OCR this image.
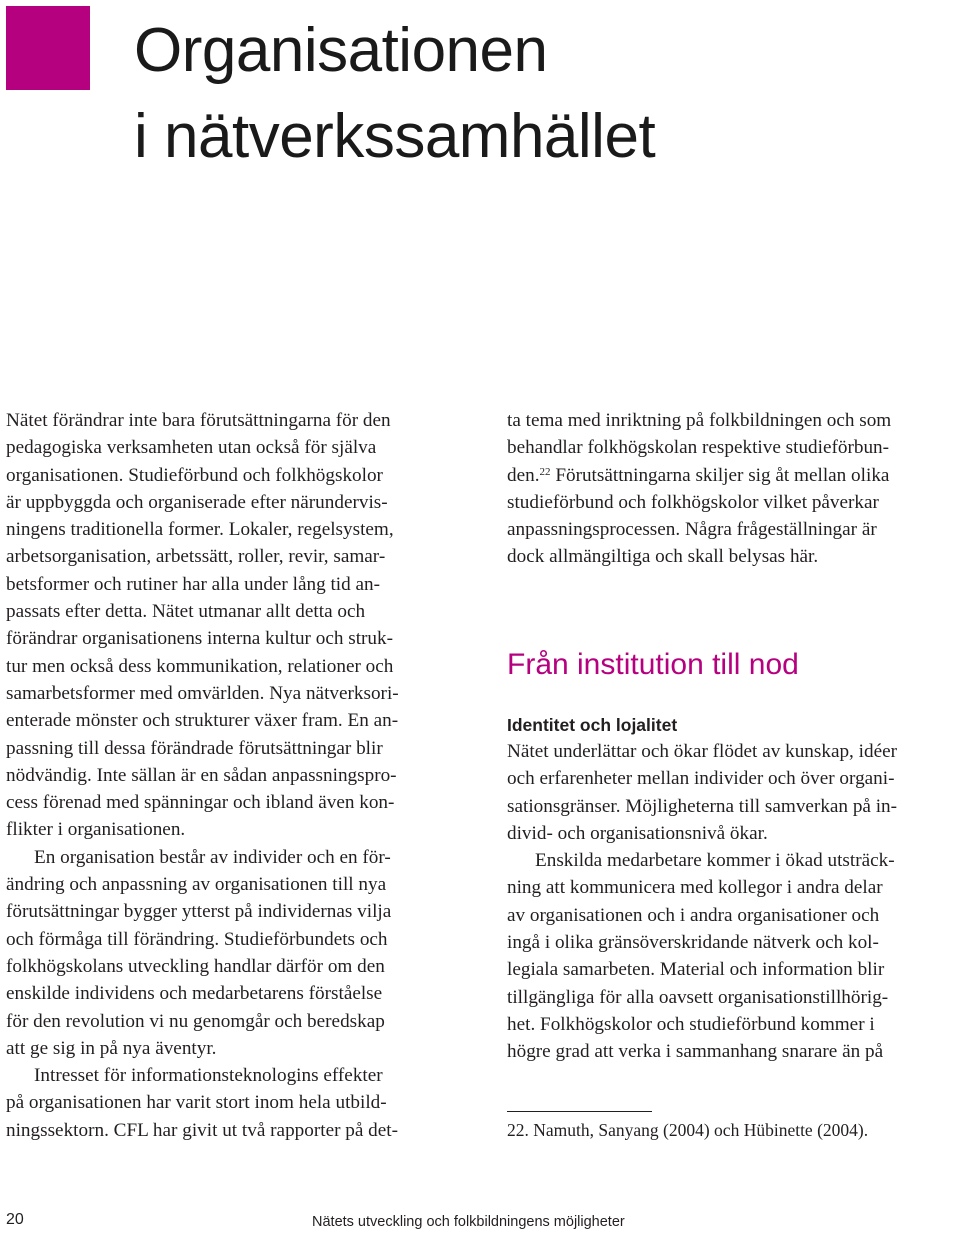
Organisationen
i nätverkssamhället

Nätet förändrar inte bara förutsättningarna för den
pedagogiska verksamheten utan också för själva
organisationen. Studieförbund och folkhögskolor
är uppbyggda och organiserade efter närundervis-
ningens traditionella former. Lokaler, regelsystem,
arbetsorganisation, arbetssätt, roller, revir, samar-
betsformer och rutiner har alla under lång tid an-
passats efter detta. Nätet utmanar allt detta och
förändrar organisationens interna kultur och struk-
tur men också dess kommunikation, relationer och
samarbetsformer med omvärlden. Nya nätverksori-
enterade mönster och strukturer växer fram. En an-
passning till dessa förändrade förutsättningar blir
nödvändig. Inte sällan är en sådan anpassningspro-
cess förenad med spänningar och ibland även kon-
flikter i organisationen.

En organisation består av individer och en för-
ändring och anpassning av organisationen till nya
förutsättningar bygger ytterst på individernas vilja
och förmåga till förändring. Studieförbundets och
folkhögskolans utveckling handlar därför om den
enskilde individens och medarbetarens förståelse
för den revolution vi nu genomgår och beredskap
att ge sig in på nya äventyr.

Intresset för informationsteknologins effekter
på organisationen har varit stort inom hela utbild-
ningssektorn. CFL har givit ut två rapporter på det-

ta tema med inriktning på folkbildningen och som
behandlar folkhögskolan respektive studieförbun-
den.$^{22}$ Förutsättningarna skiljer sig åt mellan olika
studieförbund och folkhögskolor vilket påverkar
anpassningsprocessen. Några frågeställningar är
dock allmängiltiga och skall belysas här.

Från institution till nod
Identitet och lojalitet

Nätet underlättar och ökar flödet av kunskap, idéer
och erfarenheter mellan individer och över organi-
sationsgränser. Möjligheterna till samverkan på in-
divid- och organisationsnivå ökar.

Enskilda medarbetare kommer i ökad utsträck-
ning att kommunicera med kollegor i andra delar
av organisationen och i andra organisationer och
ingå i olika gränsöverskridande nätverk och kol-
legiala samarbeten. Material och information blir
tillgängliga för alla oavsett organisationstillhörig-
het. Folkhögskolor och studieförbund kommer i
högre grad att verka i sammanhang snarare än på

22. Namuth, Sanyang (2004) och Hübinette (2004).

20	Nätets utveckling och folkbildningens möjligheter
